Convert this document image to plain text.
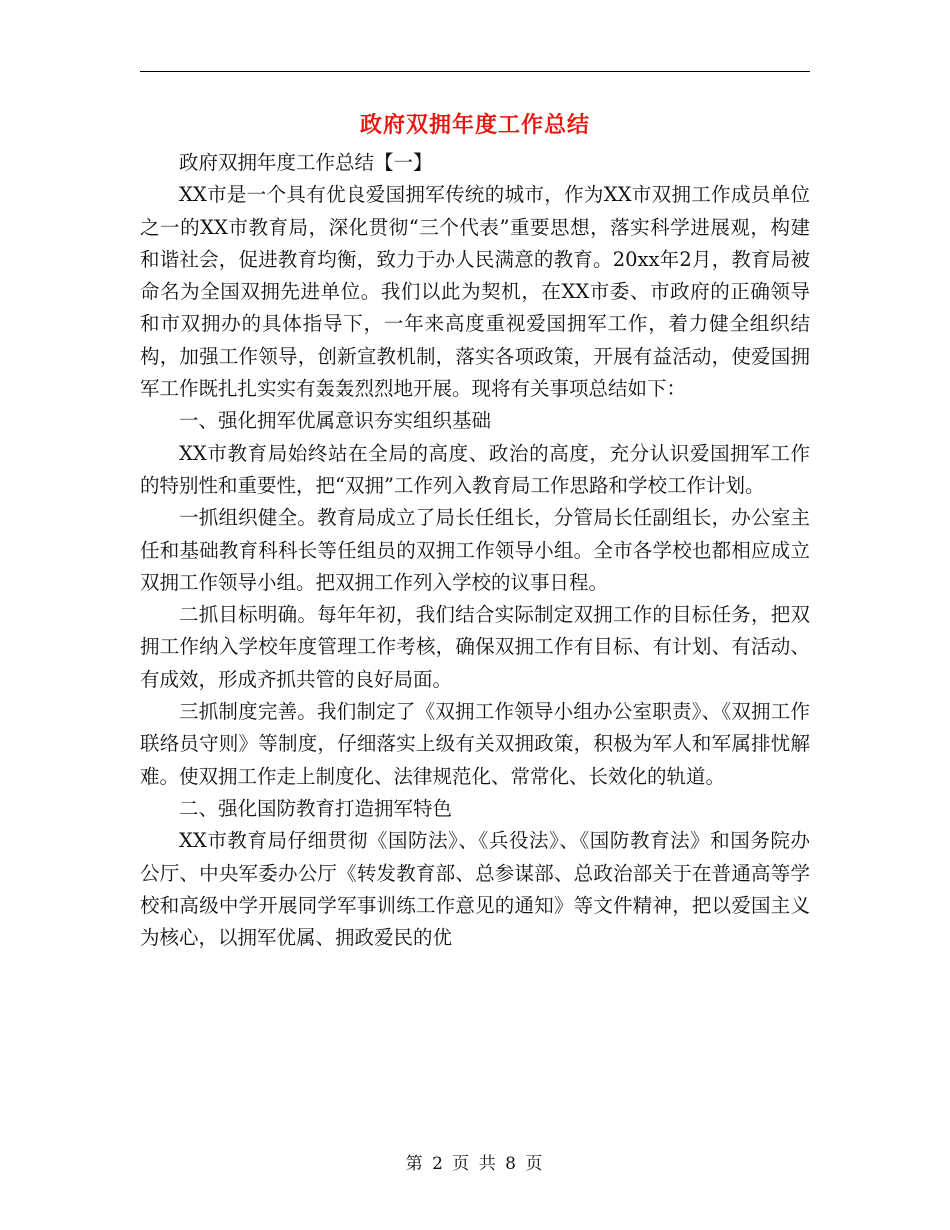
政府双拥年度工作总结

政府双拥年度工作总结【一】

XX市是一个具有优良爱国拥军传统的城市，作为XX市双拥工作成员单位之一的XX市教育局，深化贯彻“三个代表”重要思想，落实科学进展观，构建和谐社会，促进教育均衡，致力于办人民满意的教育。20xx年2月，教育局被命名为全国双拥先进单位。我们以此为契机，在XX市委、市政府的正确领导和市双拥办的具体指导下，一年来高度重视爱国拥军工作，着力健全组织结构，加强工作领导，创新宣教机制，落实各项政策，开展有益活动，使爱国拥军工作既扎扎实实有轰轰烈烈地开展。现将有关事项总结如下：

一、强化拥军优属意识夯实组织基础

XX市教育局始终站在全局的高度、政治的高度，充分认识爱国拥军工作的特别性和重要性，把“双拥”工作列入教育局工作思路和学校工作计划。

一抓组织健全。教育局成立了局长任组长，分管局长任副组长，办公室主任和基础教育科科长等任组员的双拥工作领导小组。全市各学校也都相应成立双拥工作领导小组。把双拥工作列入学校的议事日程。

二抓目标明确。每年年初，我们结合实际制定双拥工作的目标任务，把双拥工作纳入学校年度管理工作考核，确保双拥工作有目标、有计划、有活动、有成效，形成齐抓共管的良好局面。

三抓制度完善。我们制定了《双拥工作领导小组办公室职责》、《双拥工作联络员守则》等制度，仔细落实上级有关双拥政策，积极为军人和军属排忧解难。使双拥工作走上制度化、法律规范化、常常化、长效化的轨道。

二、强化国防教育打造拥军特色

XX市教育局仔细贯彻《国防法》、《兵役法》、《国防教育法》和国务院办公厅、中央军委办公厅《转发教育部、总参谋部、总政治部关于在普通高等学校和高级中学开展同学军事训练工作意见的通知》等文件精神，把以爱国主义为核心，以拥军优属、拥政爱民的优

第 2 页 共 8 页
